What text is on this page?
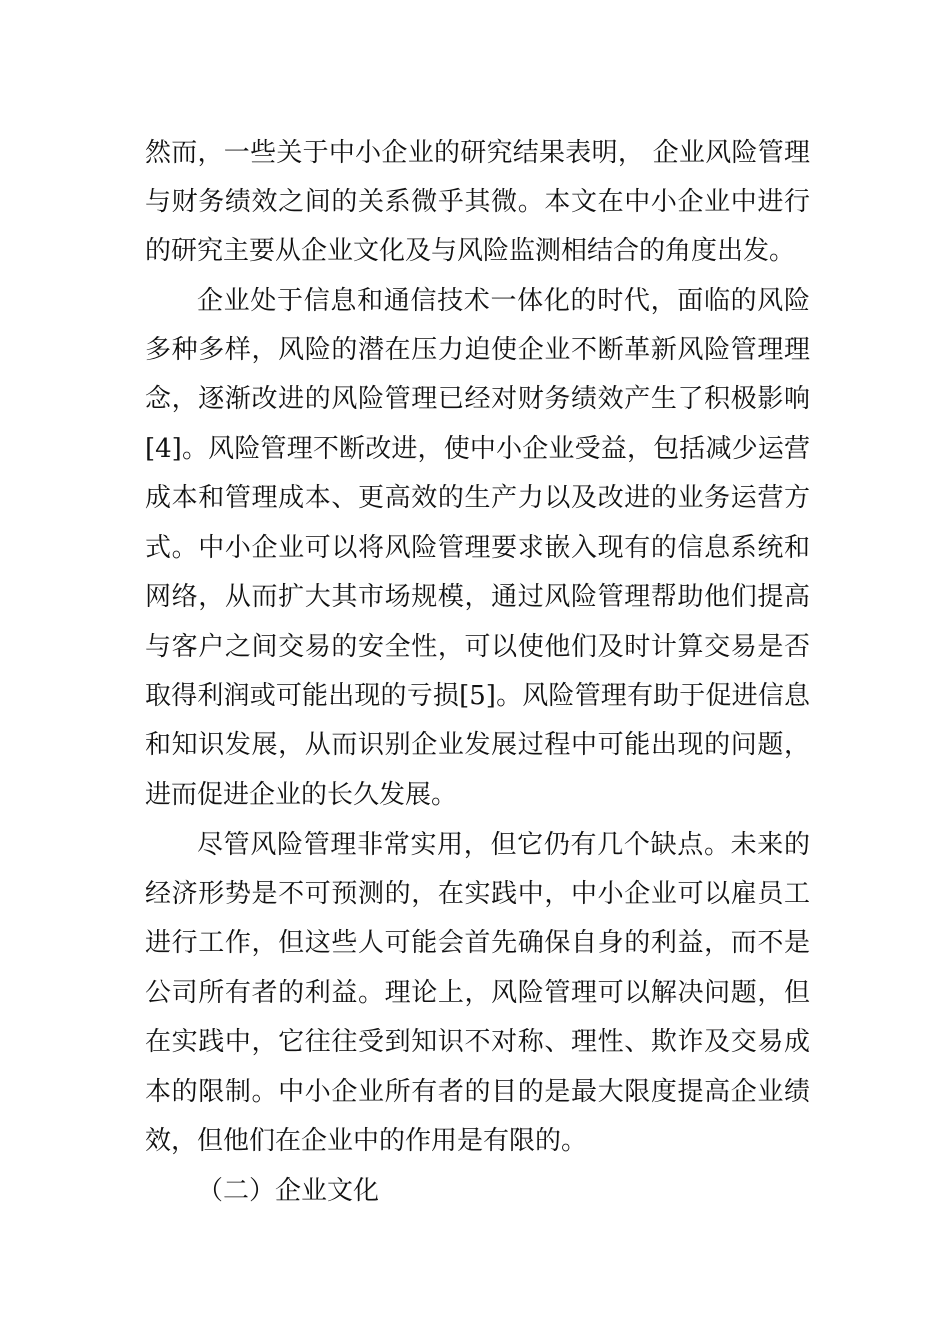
然而，一些关于中小企业的研究结果表明， 企业风险管理
与财务绩效之间的关系微乎其微。本文在中小企业中进行
的研究主要从企业文化及与风险监测相结合的角度出发。
企业处于信息和通信技术一体化的时代，面临的风险
多种多样，风险的潜在压力迫使企业不断革新风险管理理
念，逐渐改进的风险管理已经对财务绩效产生了积极影响
[4]。风险管理不断改进，使中小企业受益，包括减少运营
成本和管理成本、更高效的生产力以及改进的业务运营方
式。中小企业可以将风险管理要求嵌入现有的信息系统和
网络，从而扩大其市场规模，通过风险管理帮助他们提高
与客户之间交易的安全性，可以使他们及时计算交易是否
取得利润或可能出现的亏损[5]。风险管理有助于促进信息
和知识发展，从而识别企业发展过程中可能出现的问题，
进而促进企业的长久发展。
尽管风险管理非常实用，但它仍有几个缺点。未来的
经济形势是不可预测的，在实践中，中小企业可以雇员工
进行工作，但这些人可能会首先确保自身的利益，而不是
公司所有者的利益。理论上，风险管理可以解决问题，但
在实践中，它往往受到知识不对称、理性、欺诈及交易成
本的限制。中小企业所有者的目的是最大限度提高企业绩
效，但他们在企业中的作用是有限的。
（二）企业文化
